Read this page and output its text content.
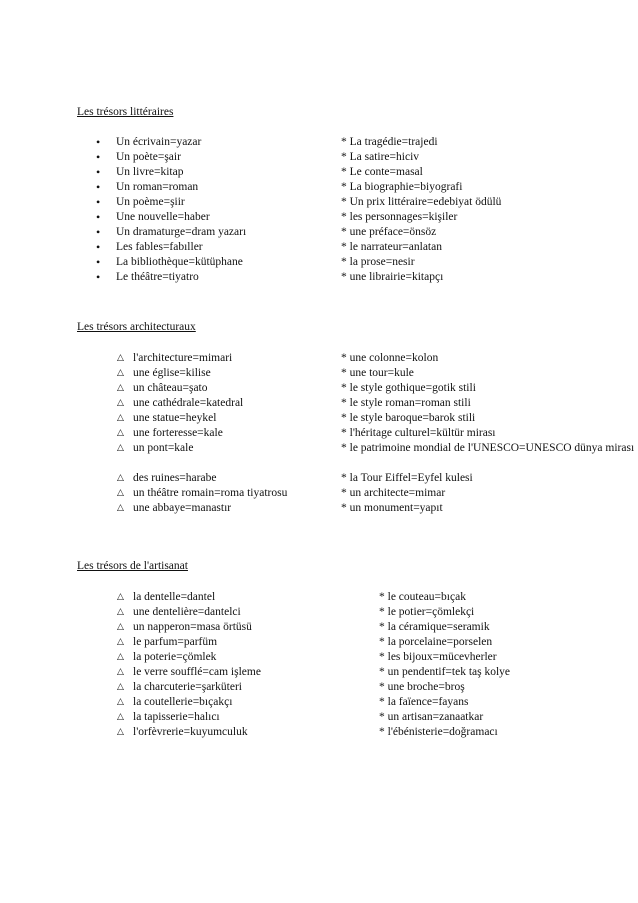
Les trésors littéraires
• Un écrivain=yazar
• Un poète=şair
• Un livre=kitap
• Un roman=roman
• Un poème=şiir
• Une nouvelle=haber
• Un dramaturge=dram yazarı
• Les fables=fabıller
• La bibliothèque=kütüphane
• Le théâtre=tiyatro
* La tragédie=trajedi
* La satire=hiciv
* Le conte=masal
* La biographie=biyografi
* Un prix littéraire=edebiyat ödülü
* les personnages=kişiler
* une préface=önsöz
* le narrateur=anlatan
* la prose=nesir
* une librairie=kitapçı
Les trésors architecturaux
△ l'architecture=mimari
△ une église=kilise
△ un château=şato
△ une cathédrale=katedral
△ une statue=heykel
△ une forteresse=kale
△ un pont=kale
△ des ruines=harabe
△ un théâtre romain=roma tiyatrosu
△ une abbaye=manastır
* une colonne=kolon
* une tour=kule
* le style gothique=gotik stili
* le style roman=roman stili
* le style baroque=barok stili
* l'héritage culturel=kültür mirası
* le patrimoine mondial de l'UNESCO=UNESCO dünya mirası
* la Tour Eiffel=Eyfel kulesi
* un architecte=mimar
* un monument=yapıt
Les trésors de l'artisanat
△ la dentelle=dantel
△ une dentelière=dantelci
△ un napperon=masa örtüsü
△ le parfum=parfüm
△ la poterie=çömlek
△ le verre soufflé=cam işleme
△ la charcuterie=şarküteri
△ la coutellerie=bıçakçı
△ la tapisserie=halıcı
△ l'orfèvrerie=kuyumculuk
* le couteau=bıçak
* le potier=çömlekçi
* la céramique=seramik
* la porcelaine=porselen
* les bijoux=mücevherler
* un pendentif=tek taş kolye
* une broche=broş
* la faïence=fayans
* un artisan=zanaatkar
* l'ébénisterie=doğramacı
